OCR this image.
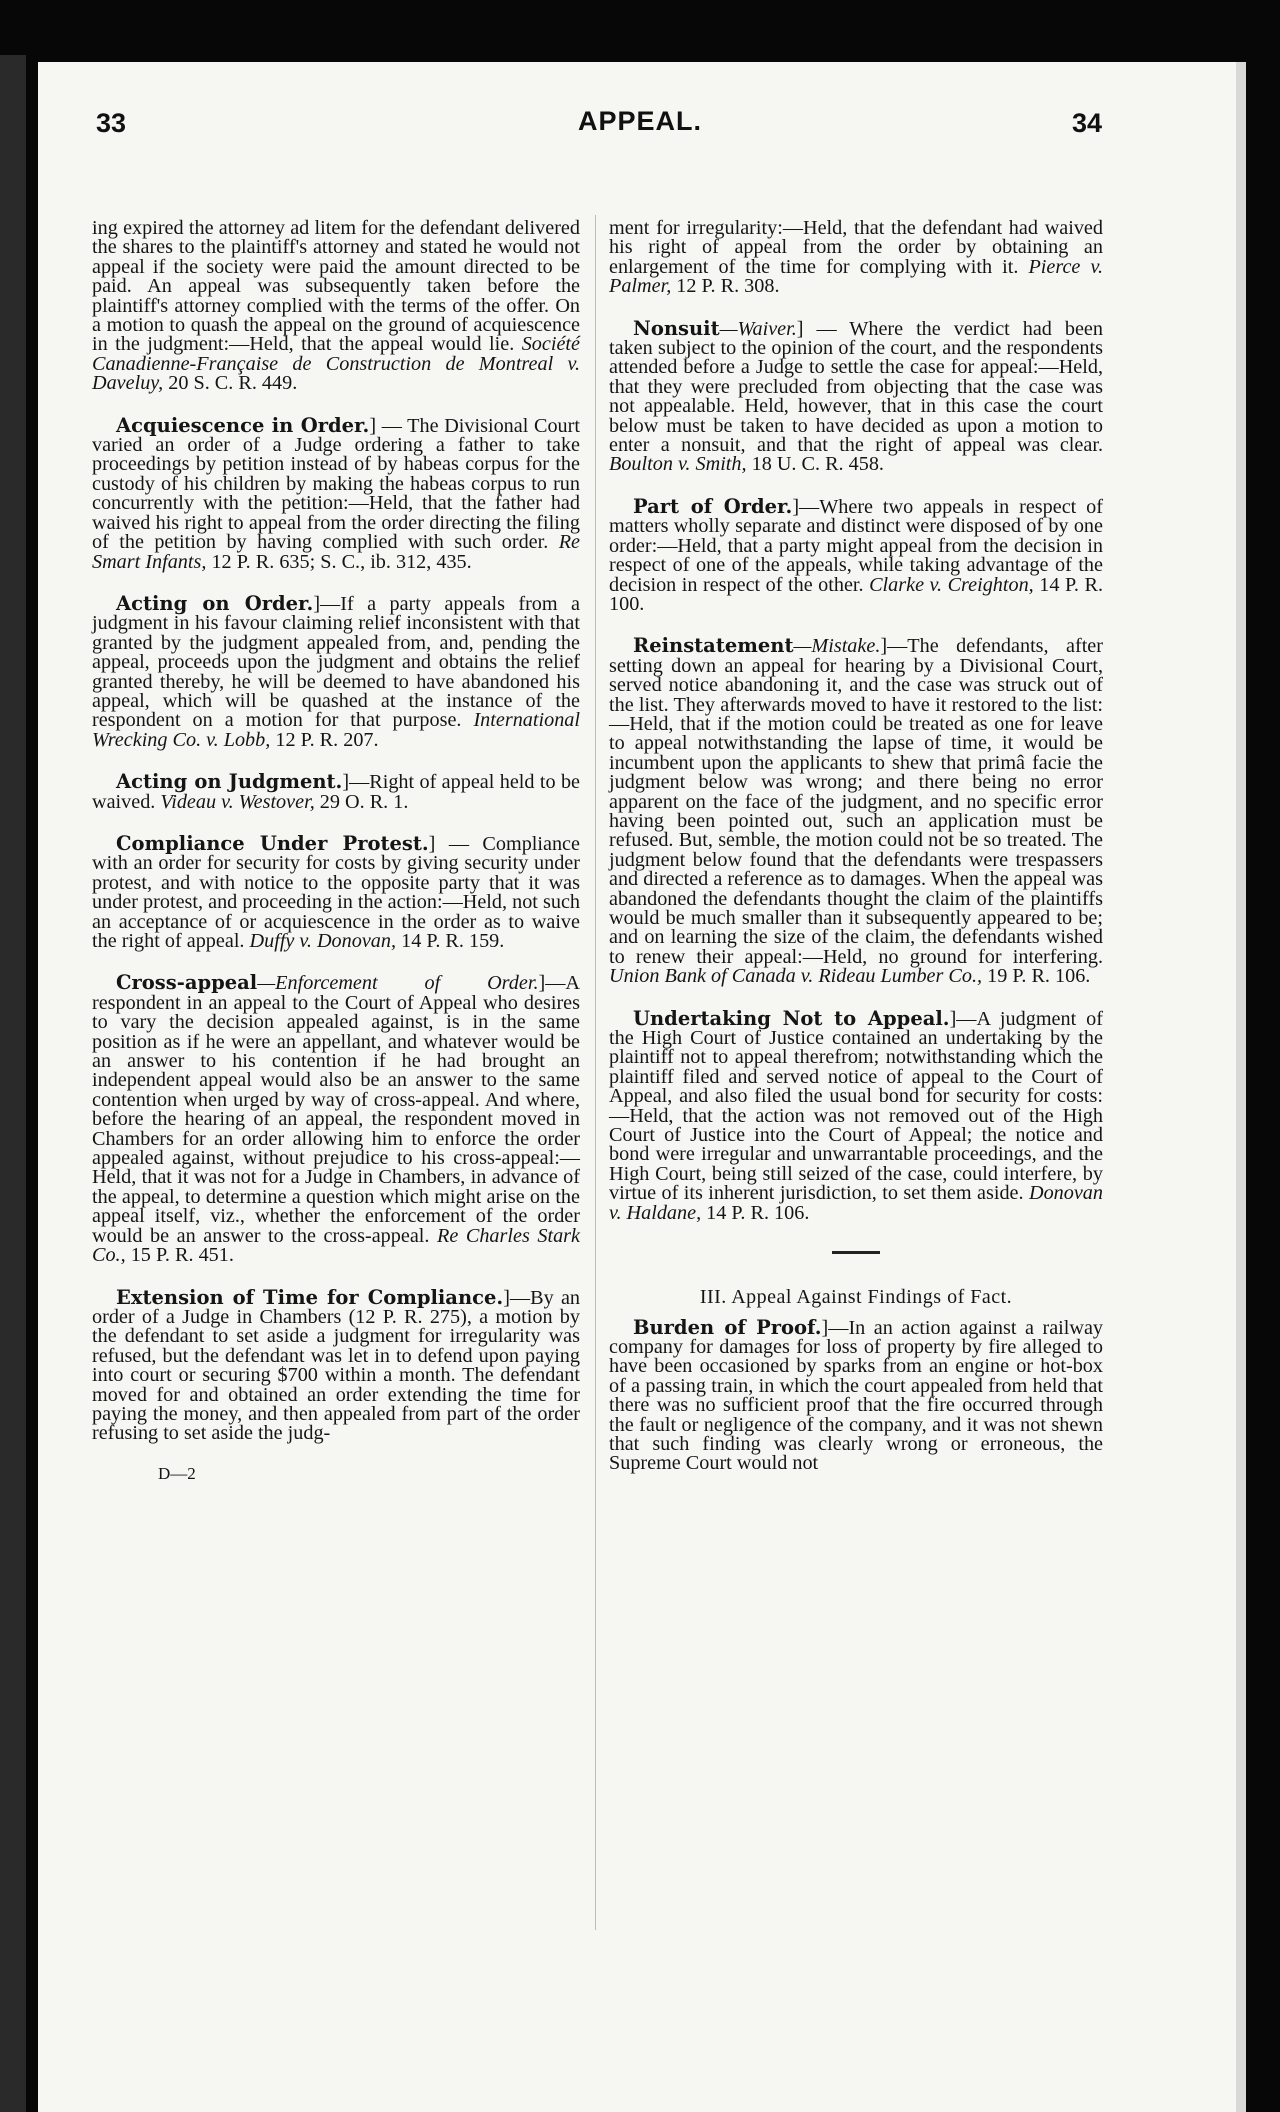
33	APPEAL.	34

ing expired the attorney ad litem for the defendant delivered the shares to the plaintiff's attorney and stated he would not appeal if the society were paid the amount directed to be paid. An appeal was subsequently taken before the plaintiff's attorney complied with the terms of the offer. On a motion to quash the appeal on the ground of acquiescence in the judgment:—Held, that the appeal would lie. Société Canadienne-Française de Construction de Montreal v. Daveluy, 20 S. C. R. 449.

Acquiescence in Order.] — The Divisional Court varied an order of a Judge ordering a father to take proceedings by petition instead of by habeas corpus for the custody of his children by making the habeas corpus to run concurrently with the petition:—Held, that the father had waived his right to appeal from the order directing the filing of the petition by having complied with such order. Re Smart Infants, 12 P. R. 635; S. C., ib. 312, 435.

Acting on Order.]—If a party appeals from a judgment in his favour claiming relief inconsistent with that granted by the judgment appealed from, and, pending the appeal, proceeds upon the judgment and obtains the relief granted thereby, he will be deemed to have abandoned his appeal, which will be quashed at the instance of the respondent on a motion for that purpose. International Wrecking Co. v. Lobb, 12 P. R. 207.

Acting on Judgment.]—Right of appeal held to be waived. Videau v. Westover, 29 O. R. 1.

Compliance Under Protest.] — Compliance with an order for security for costs by giving security under protest, and with notice to the opposite party that it was under protest, and proceeding in the action:—Held, not such an acceptance of or acquiescence in the order as to waive the right of appeal. Duffy v. Donovan, 14 P. R. 159.

Cross-appeal—Enforcement of Order.]—A respondent in an appeal to the Court of Appeal who desires to vary the decision appealed against, is in the same position as if he were an appellant, and whatever would be an answer to his contention if he had brought an independent appeal would also be an answer to the same contention when urged by way of cross-appeal. And where, before the hearing of an appeal, the respondent moved in Chambers for an order allowing him to enforce the order appealed against, without prejudice to his cross-appeal:—Held, that it was not for a Judge in Chambers, in advance of the appeal, to determine a question which might arise on the appeal itself, viz., whether the enforcement of the order would be an answer to the cross-appeal. Re Charles Stark Co., 15 P. R. 451.

Extension of Time for Compliance.]—By an order of a Judge in Chambers (12 P. R. 275), a motion by the defendant to set aside a judgment for irregularity was refused, but the defendant was let in to defend upon paying into court or securing $700 within a month. The defendant moved for and obtained an order extending the time for paying the money, and then appealed from part of the order refusing to set aside the judg-

D—2

ment for irregularity:—Held, that the defendant had waived his right of appeal from the order by obtaining an enlargement of the time for complying with it. Pierce v. Palmer, 12 P. R. 308.

Nonsuit—Waiver.] — Where the verdict had been taken subject to the opinion of the court, and the respondents attended before a Judge to settle the case for appeal:—Held, that they were precluded from objecting that the case was not appealable. Held, however, that in this case the court below must be taken to have decided as upon a motion to enter a nonsuit, and that the right of appeal was clear. Boulton v. Smith, 18 U. C. R. 458.

Part of Order.]—Where two appeals in respect of matters wholly separate and distinct were disposed of by one order:—Held, that a party might appeal from the decision in respect of one of the appeals, while taking advantage of the decision in respect of the other. Clarke v. Creighton, 14 P. R. 100.

Reinstatement—Mistake.]—The defendants, after setting down an appeal for hearing by a Divisional Court, served notice abandoning it, and the case was struck out of the list. They afterwards moved to have it restored to the list:—Held, that if the motion could be treated as one for leave to appeal notwithstanding the lapse of time, it would be incumbent upon the applicants to shew that primâ facie the judgment below was wrong; and there being no error apparent on the face of the judgment, and no specific error having been pointed out, such an application must be refused. But, semble, the motion could not be so treated. The judgment below found that the defendants were trespassers and directed a reference as to damages. When the appeal was abandoned the defendants thought the claim of the plaintiffs would be much smaller than it subsequently appeared to be; and on learning the size of the claim, the defendants wished to renew their appeal:—Held, no ground for interfering. Union Bank of Canada v. Rideau Lumber Co., 19 P. R. 106.

Undertaking Not to Appeal.]—A judgment of the High Court of Justice contained an undertaking by the plaintiff not to appeal therefrom; notwithstanding which the plaintiff filed and served notice of appeal to the Court of Appeal, and also filed the usual bond for security for costs:—Held, that the action was not removed out of the High Court of Justice into the Court of Appeal; the notice and bond were irregular and unwarrantable proceedings, and the High Court, being still seized of the case, could interfere, by virtue of its inherent jurisdiction, to set them aside. Donovan v. Haldane, 14 P. R. 106.

III. Appeal Against Findings of Fact.

Burden of Proof.]—In an action against a railway company for damages for loss of property by fire alleged to have been occasioned by sparks from an engine or hot-box of a passing train, in which the court appealed from held that there was no sufficient proof that the fire occurred through the fault or negligence of the company, and it was not shewn that such finding was clearly wrong or erroneous, the Supreme Court would not
